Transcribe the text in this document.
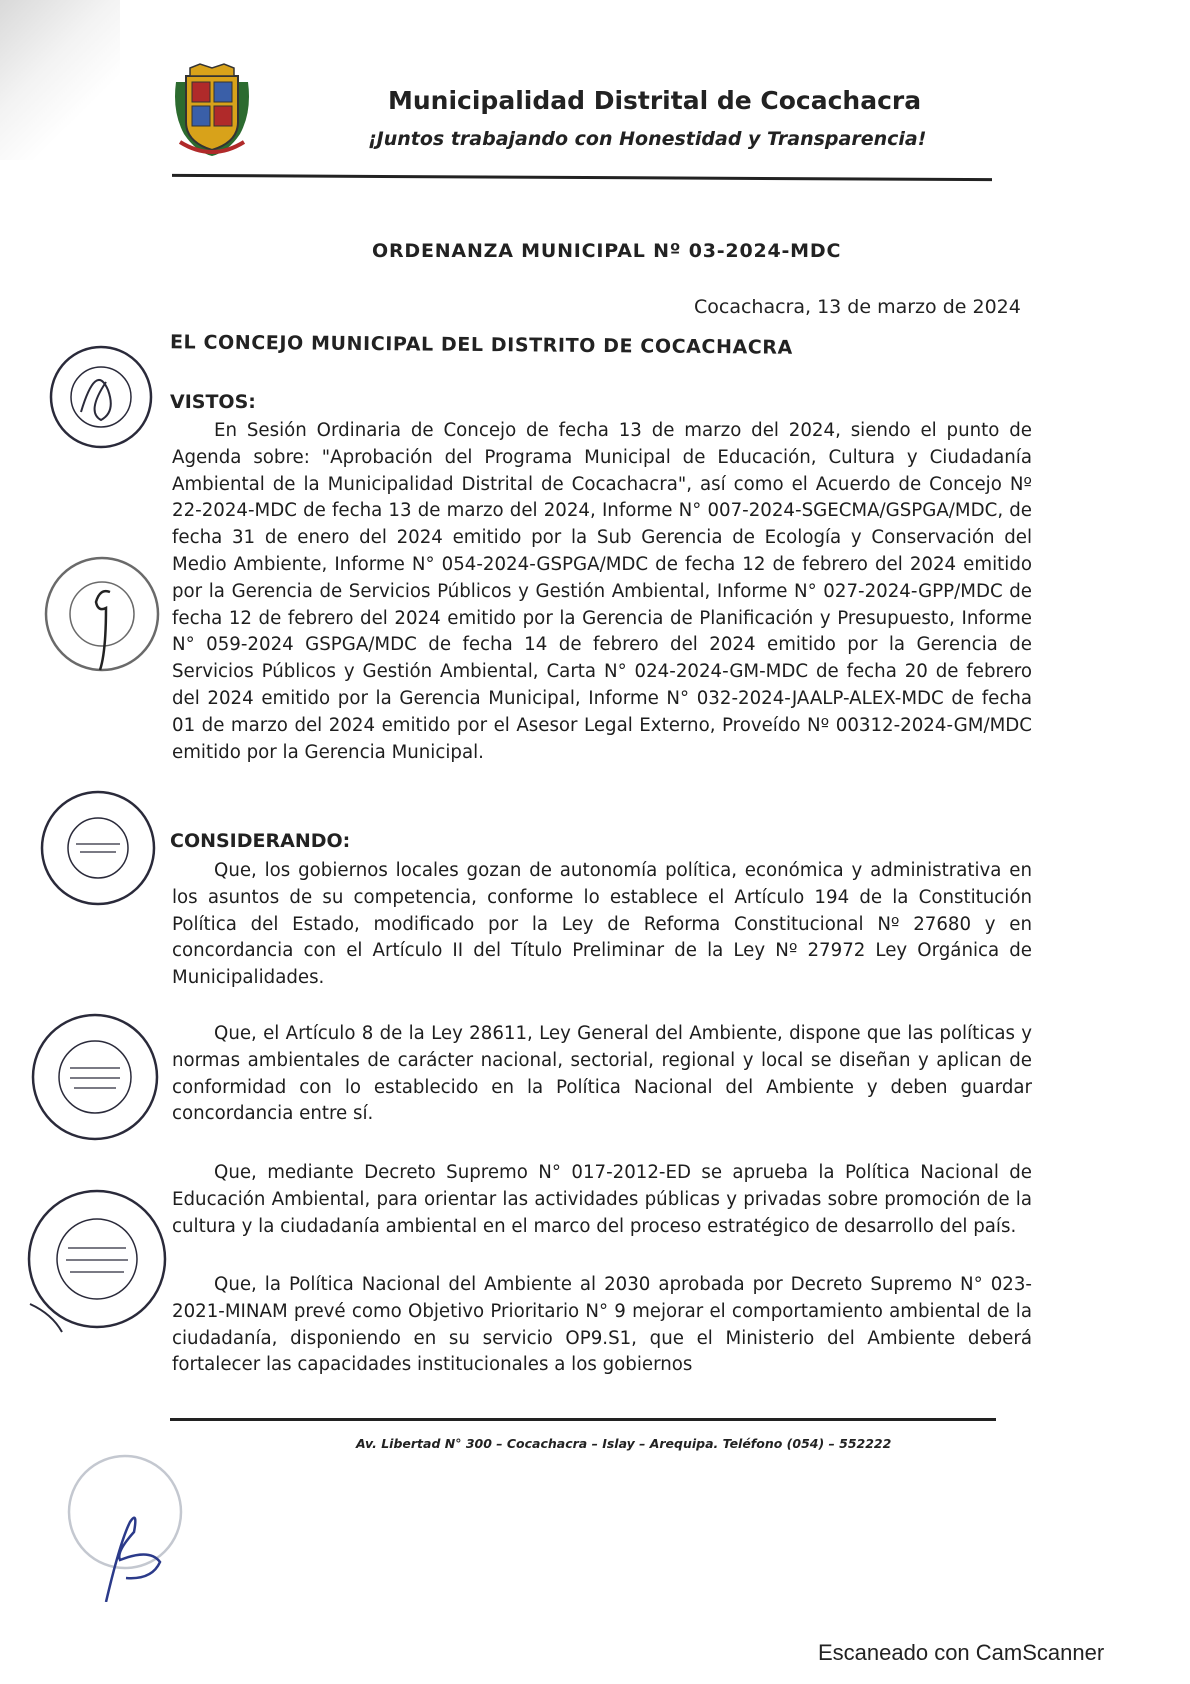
Municipalidad Distrital de Cocachacra
¡Juntos trabajando con Honestidad y Transparencia!
ORDENANZA MUNICIPAL Nº 03-2024-MDC
Cocachacra, 13 de marzo de 2024
EL CONCEJO MUNICIPAL DEL DISTRITO DE COCACHACRA
VISTOS:

En Sesión Ordinaria de Concejo de fecha 13 de marzo del 2024, siendo el punto de Agenda sobre: "Aprobación del Programa Municipal de Educación, Cultura y Ciudadanía Ambiental de la Municipalidad Distrital de Cocachacra", así como el Acuerdo de Concejo Nº 22-2024-MDC de fecha 13 de marzo del 2024, Informe N° 007-2024-SGECMA/GSPGA/MDC, de fecha 31 de enero del 2024 emitido por la Sub Gerencia de Ecología y Conservación del Medio Ambiente, Informe N° 054-2024-GSPGA/MDC de fecha 12 de febrero del 2024 emitido por la Gerencia de Servicios Públicos y Gestión Ambiental, Informe N° 027-2024-GPP/MDC de fecha 12 de febrero del 2024 emitido por la Gerencia de Planificación y Presupuesto, Informe N° 059-2024 GSPGA/MDC de fecha 14 de febrero del 2024 emitido por la Gerencia de Servicios Públicos y Gestión Ambiental, Carta N° 024-2024-GM-MDC de fecha 20 de febrero del 2024 emitido por la Gerencia Municipal, Informe N° 032-2024-JAALP-ALEX-MDC de fecha 01 de marzo del 2024 emitido por el Asesor Legal Externo, Proveído Nº 00312-2024-GM/MDC emitido por la Gerencia Municipal.

CONSIDERANDO:

Que, los gobiernos locales gozan de autonomía política, económica y administrativa en los asuntos de su competencia, conforme lo establece el Artículo 194 de la Constitución Política del Estado, modificado por la Ley de Reforma Constitucional Nº 27680 y en concordancia con el Artículo II del Título Preliminar de la Ley Nº 27972 Ley Orgánica de Municipalidades.

Que, el Artículo 8 de la Ley 28611, Ley General del Ambiente, dispone que las políticas y normas ambientales de carácter nacional, sectorial, regional y local se diseñan y aplican de conformidad con lo establecido en la Política Nacional del Ambiente y deben guardar concordancia entre sí.

Que, mediante Decreto Supremo N° 017-2012-ED se aprueba la Política Nacional de Educación Ambiental, para orientar las actividades públicas y privadas sobre promoción de la cultura y la ciudadanía ambiental en el marco del proceso estratégico de desarrollo del país.

Que, la Política Nacional del Ambiente al 2030 aprobada por Decreto Supremo N° 023-2021-MINAM prevé como Objetivo Prioritario N° 9 mejorar el comportamiento ambiental de la ciudadanía, disponiendo en su servicio OP9.S1, que el Ministerio del Ambiente deberá fortalecer las capacidades institucionales a los gobiernos

Av. Libertad N° 300 – Cocachacra – Islay – Arequipa. Teléfono (054) – 552222
Escaneado con CamScanner
